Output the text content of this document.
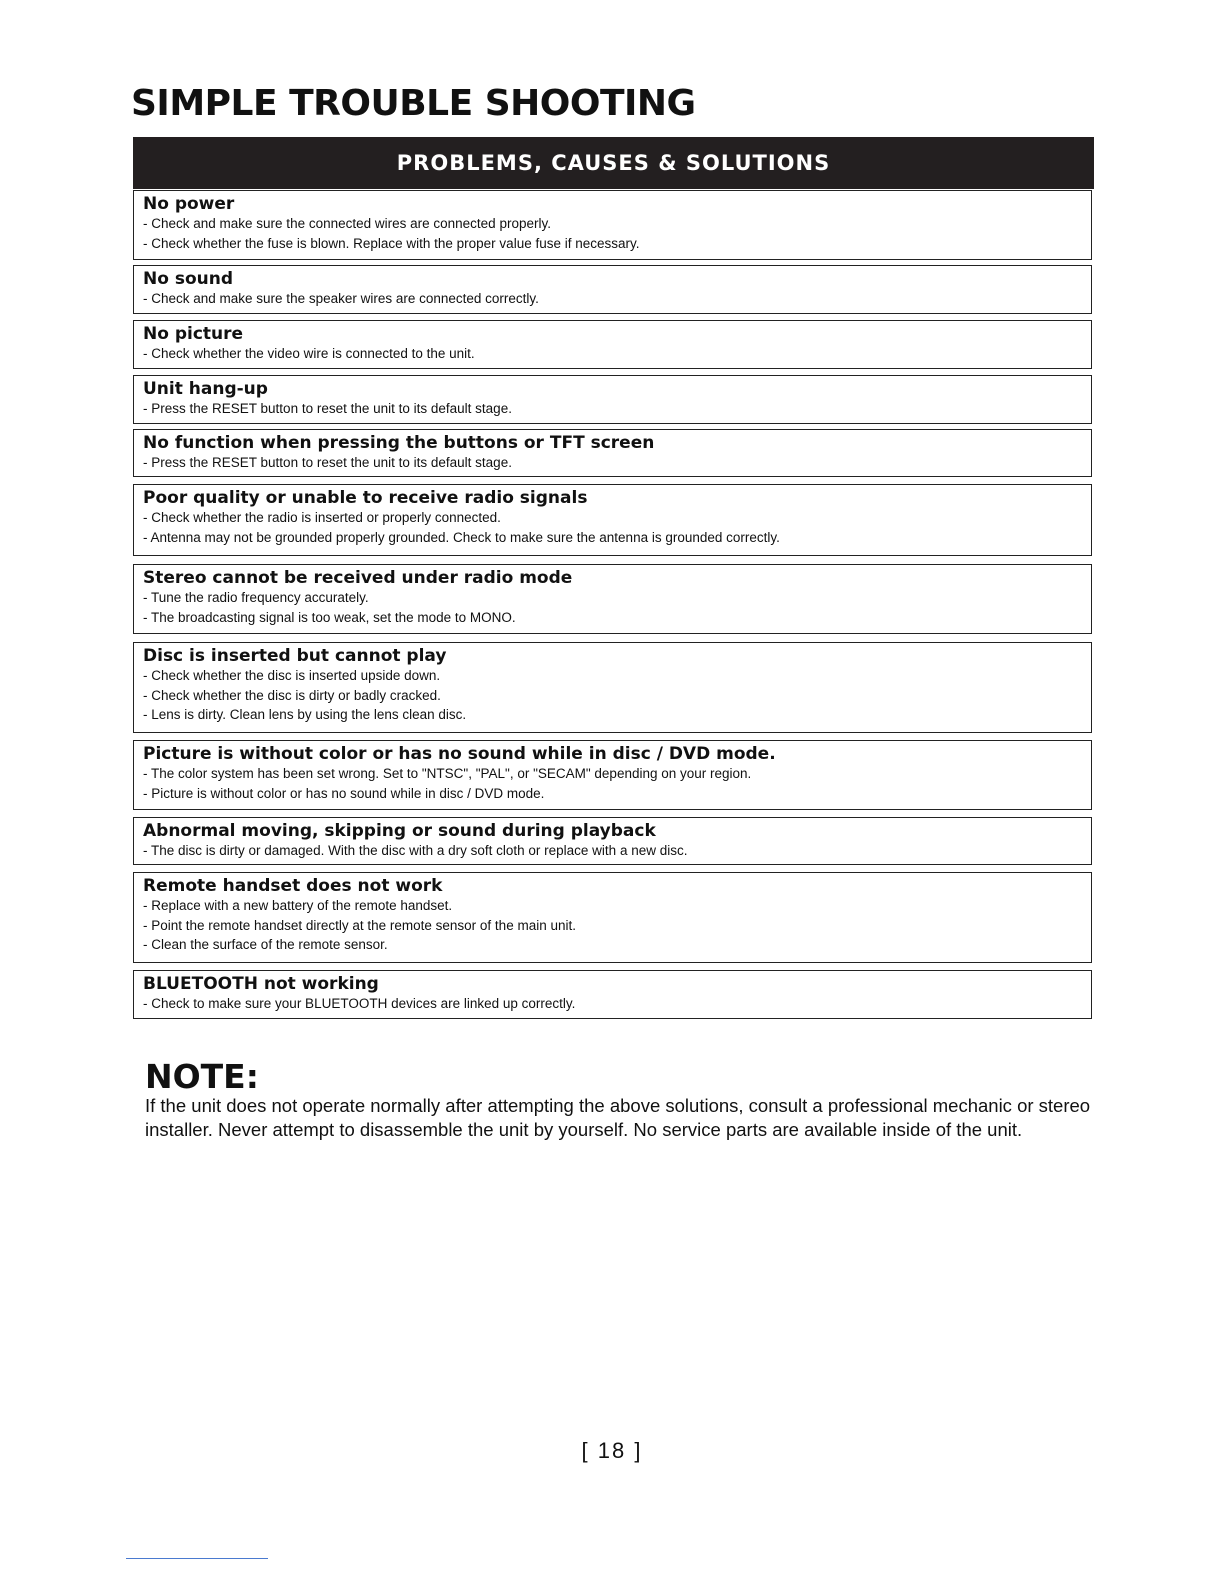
SIMPLE TROUBLE SHOOTING
PROBLEMS, CAUSES & SOLUTIONS

No power

- Check and make sure the connected wires are connected properly.

- Check whether the fuse is blown. Replace with the proper value fuse if necessary.

No sound

- Check and make sure the speaker wires are connected correctly.

No picture

- Check whether the video wire is connected to the unit.

Unit hang-up

- Press the RESET button to reset the unit to its default stage.

No function when pressing the buttons or TFT screen

- Press the RESET button to reset the unit to its default stage.

Poor quality or unable to receive radio signals

- Check whether the radio is inserted or properly connected.

- Antenna may not be grounded properly grounded. Check to make sure the antenna is grounded correctly.

Stereo cannot be received under radio mode

- Tune the radio frequency accurately.

- The broadcasting signal is too weak, set the mode to MONO.

Disc is inserted but cannot play

- Check whether the disc is inserted upside down.

- Check whether the disc is dirty or badly cracked.

- Lens is dirty. Clean lens by using the lens clean disc.

Picture is without color or has no sound while in disc / DVD mode.

- The color system has been set wrong. Set to "NTSC", "PAL", or "SECAM" depending on your region.

- Picture is without color or has no sound while in disc / DVD mode.

Abnormal moving, skipping or sound during playback

- The disc is dirty or damaged. With the disc with a dry soft cloth or replace with a new disc.

Remote handset does not work

- Replace with a new battery of the remote handset.

- Point the remote handset directly at the remote sensor of the main unit.

- Clean the surface of the remote sensor.

BLUETOOTH not working

- Check to make sure your BLUETOOTH devices are linked up correctly.

NOTE:

If the unit does not operate normally after attempting the above solutions, consult a professional mechanic or stereo installer. Never attempt to disassemble the unit by yourself. No service parts are available inside of the unit.

[ 18 ]
